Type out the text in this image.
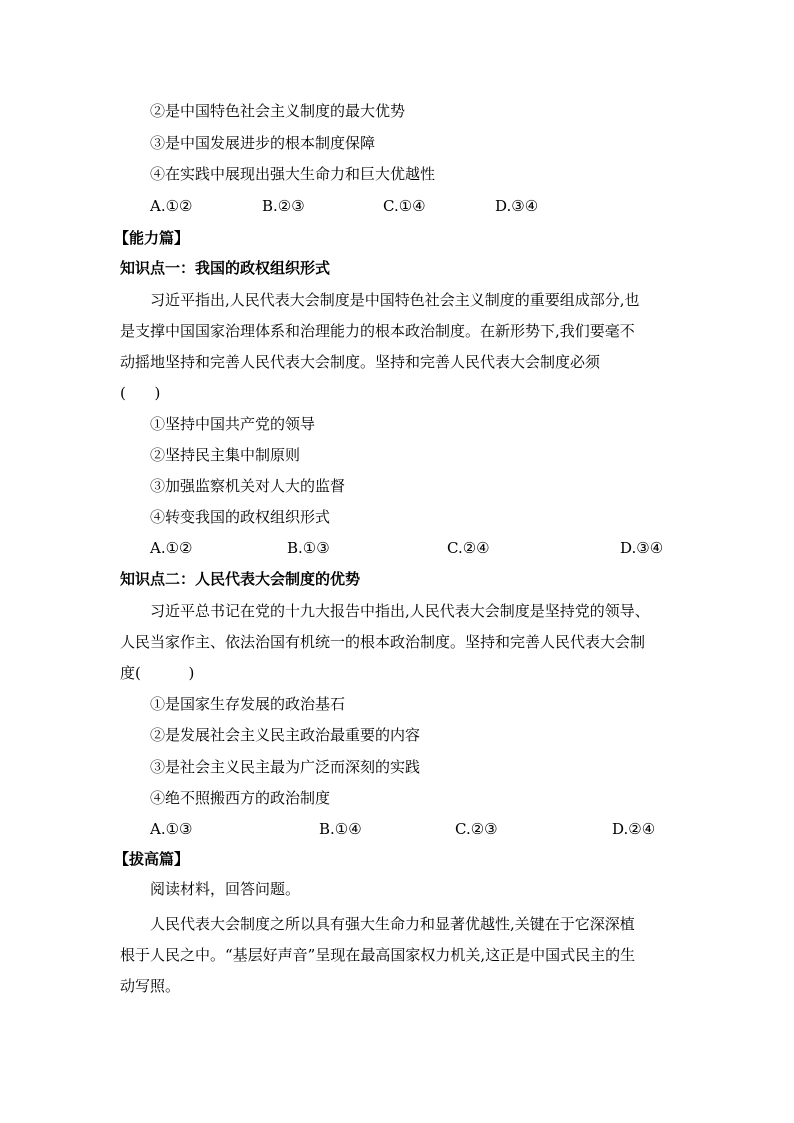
②是中国特色社会主义制度的最大优势
③是中国发展进步的根本制度保障
④在实践中展现出强大生命力和巨大优越性
A.①②	B.②③	C.①④	D.③④
【能力篇】
知识点一：我国的政权组织形式
习近平指出,人民代表大会制度是中国特色社会主义制度的重要组成部分,也
是支撑中国国家治理体系和治理能力的根本政治制度。在新形势下,我们要毫不
动摇地坚持和完善人民代表大会制度。坚持和完善人民代表大会制度必须
(      )
①坚持中国共产党的领导
②坚持民主集中制原则
③加强监察机关对人大的监督
④转变我国的政权组织形式
A.①②	B.①③	C.②④	D.③④
知识点二：人民代表大会制度的优势
习近平总书记在党的十九大报告中指出,人民代表大会制度是坚持党的领导、
人民当家作主、依法治国有机统一的根本政治制度。坚持和完善人民代表大会制
度(          )
①是国家生存发展的政治基石
②是发展社会主义民主政治最重要的内容
③是社会主义民主最为广泛而深刻的实践
④绝不照搬西方的政治制度
A.①③	B.①④	C.②③	D.②④
【拔高篇】
阅读材料，回答问题。
人民代表大会制度之所以具有强大生命力和显著优越性,关键在于它深深植
根于人民之中。“基层好声音”呈现在最高国家权力机关,这正是中国式民主的生
动写照。
